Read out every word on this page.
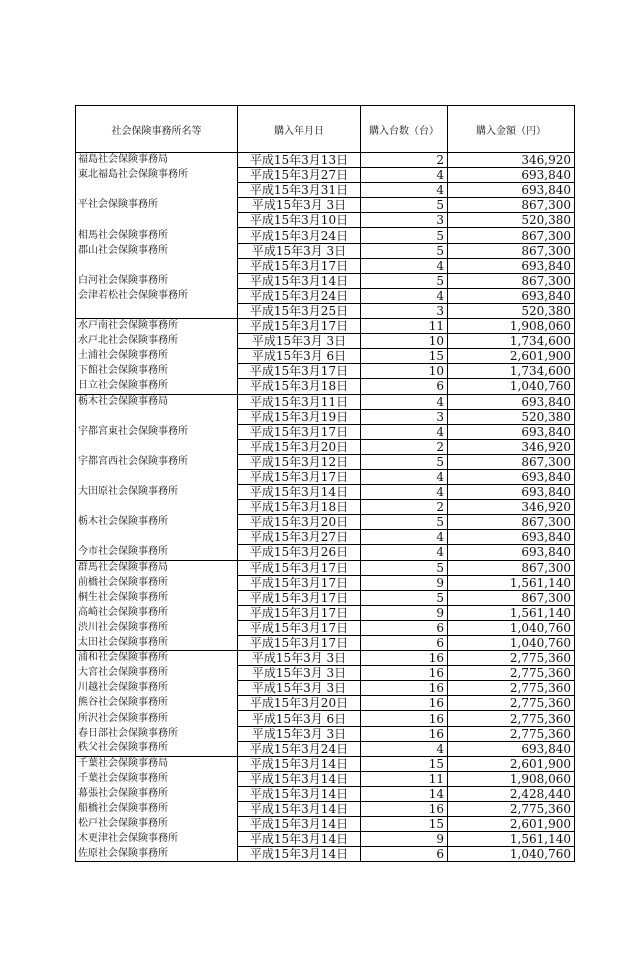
社会保険事務所名等	購入年月日	購入台数（台）	購入金額（円）
福島社会保険事務局	平成15年3月13日	2	346,920
東北福島社会保険事務所	平成15年3月27日	4	693,840
	平成15年3月31日	4	693,840
平社会保険事務所	平成15年3月 3日	5	867,300
	平成15年3月10日	3	520,380
相馬社会保険事務所	平成15年3月24日	5	867,300
郡山社会保険事務所	平成15年3月 3日	5	867,300
	平成15年3月17日	4	693,840
白河社会保険事務所	平成15年3月14日	5	867,300
会津若松社会保険事務所	平成15年3月24日	4	693,840
	平成15年3月25日	3	520,380
水戸南社会保険事務所	平成15年3月17日	11	1,908,060
水戸北社会保険事務所	平成15年3月 3日	10	1,734,600
土浦社会保険事務所	平成15年3月 6日	15	2,601,900
下館社会保険事務所	平成15年3月17日	10	1,734,600
日立社会保険事務所	平成15年3月18日	6	1,040,760
栃木社会保険事務局	平成15年3月11日	4	693,840
	平成15年3月19日	3	520,380
宇都宮東社会保険事務所	平成15年3月17日	4	693,840
	平成15年3月20日	2	346,920
宇都宮西社会保険事務所	平成15年3月12日	5	867,300
	平成15年3月17日	4	693,840
大田原社会保険事務所	平成15年3月14日	4	693,840
	平成15年3月18日	2	346,920
栃木社会保険事務所	平成15年3月20日	5	867,300
	平成15年3月27日	4	693,840
今市社会保険事務所	平成15年3月26日	4	693,840
群馬社会保険事務局	平成15年3月17日	5	867,300
前橋社会保険事務所	平成15年3月17日	9	1,561,140
桐生社会保険事務所	平成15年3月17日	5	867,300
高崎社会保険事務所	平成15年3月17日	9	1,561,140
渋川社会保険事務所	平成15年3月17日	6	1,040,760
太田社会保険事務所	平成15年3月17日	6	1,040,760
浦和社会保険事務所	平成15年3月 3日	16	2,775,360
大宮社会保険事務所	平成15年3月 3日	16	2,775,360
川越社会保険事務所	平成15年3月 3日	16	2,775,360
熊谷社会保険事務所	平成15年3月20日	16	2,775,360
所沢社会保険事務所	平成15年3月 6日	16	2,775,360
春日部社会保険事務所	平成15年3月 3日	16	2,775,360
秩父社会保険事務所	平成15年3月24日	4	693,840
千葉社会保険事務局	平成15年3月14日	15	2,601,900
千葉社会保険事務所	平成15年3月14日	11	1,908,060
幕張社会保険事務所	平成15年3月14日	14	2,428,440
船橋社会保険事務所	平成15年3月14日	16	2,775,360
松戸社会保険事務所	平成15年3月14日	15	2,601,900
木更津社会保険事務所	平成15年3月14日	9	1,561,140
佐原社会保険事務所	平成15年3月14日	6	1,040,760
